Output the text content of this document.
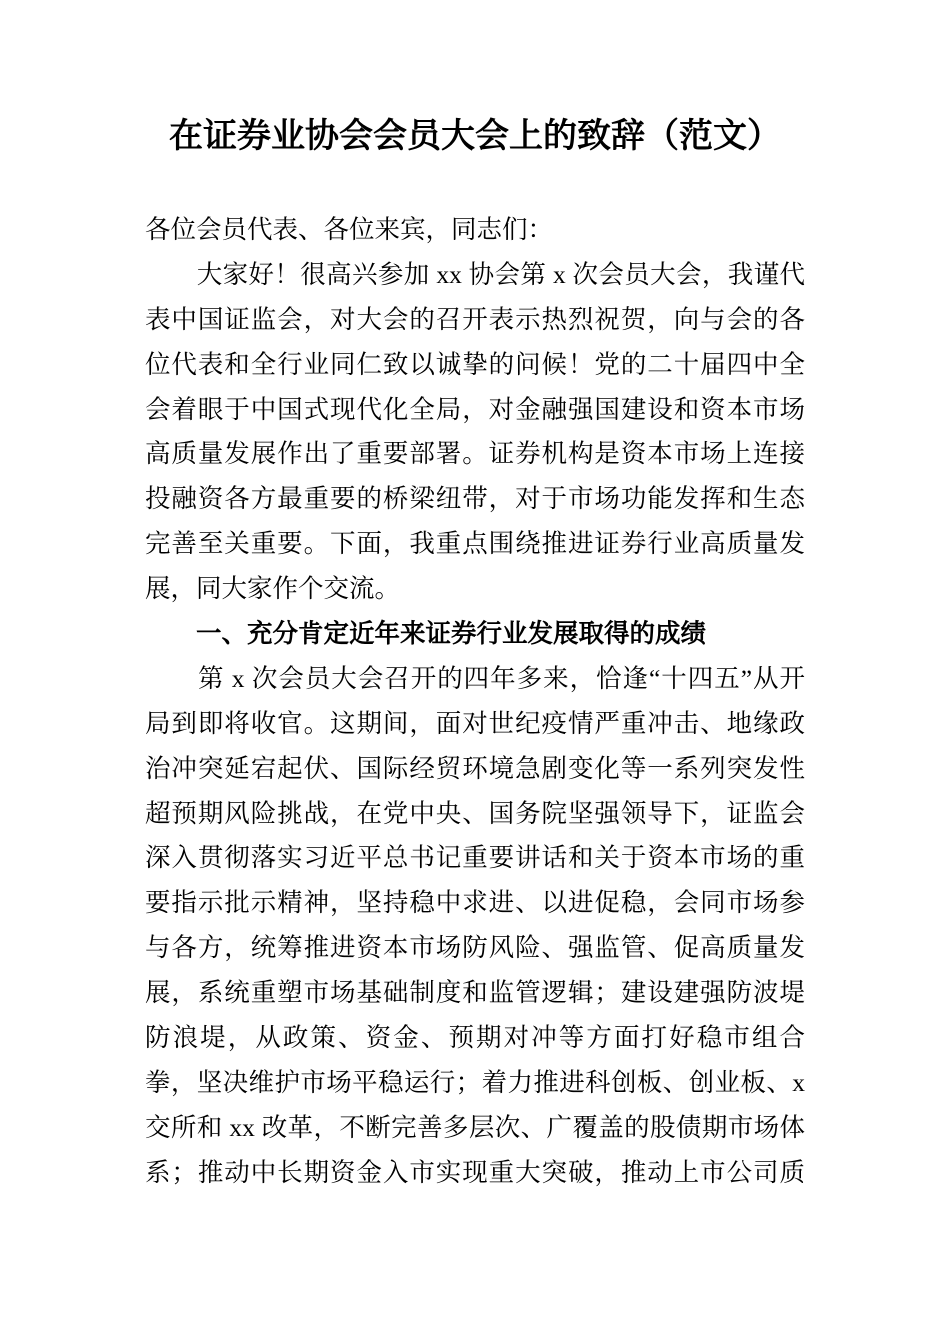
在证券业协会会员大会上的致辞（范文）
各位会员代表、各位来宾，同志们：
　　大家好！很高兴参加 xx 协会第 x 次会员大会，我谨代
表中国证监会，对大会的召开表示热烈祝贺，向与会的各
位代表和全行业同仁致以诚挚的问候！党的二十届四中全
会着眼于中国式现代化全局，对金融强国建设和资本市场
高质量发展作出了重要部署。证券机构是资本市场上连接
投融资各方最重要的桥梁纽带，对于市场功能发挥和生态
完善至关重要。下面，我重点围绕推进证券行业高质量发
展，同大家作个交流。
　　一、充分肯定近年来证券行业发展取得的成绩
　　第 x 次会员大会召开的四年多来，恰逢“十四五”从开
局到即将收官。这期间，面对世纪疫情严重冲击、地缘政
治冲突延宕起伏、国际经贸环境急剧变化等一系列突发性
超预期风险挑战，在党中央、国务院坚强领导下，证监会
深入贯彻落实习近平总书记重要讲话和关于资本市场的重
要指示批示精神，坚持稳中求进、以进促稳，会同市场参
与各方，统筹推进资本市场防风险、强监管、促高质量发
展，系统重塑市场基础制度和监管逻辑；建设建强防波堤
防浪堤，从政策、资金、预期对冲等方面打好稳市组合
拳，坚决维护市场平稳运行；着力推进科创板、创业板、x
交所和 xx 改革，不断完善多层次、广覆盖的股债期市场体
系；推动中长期资金入市实现重大突破，推动上市公司质
